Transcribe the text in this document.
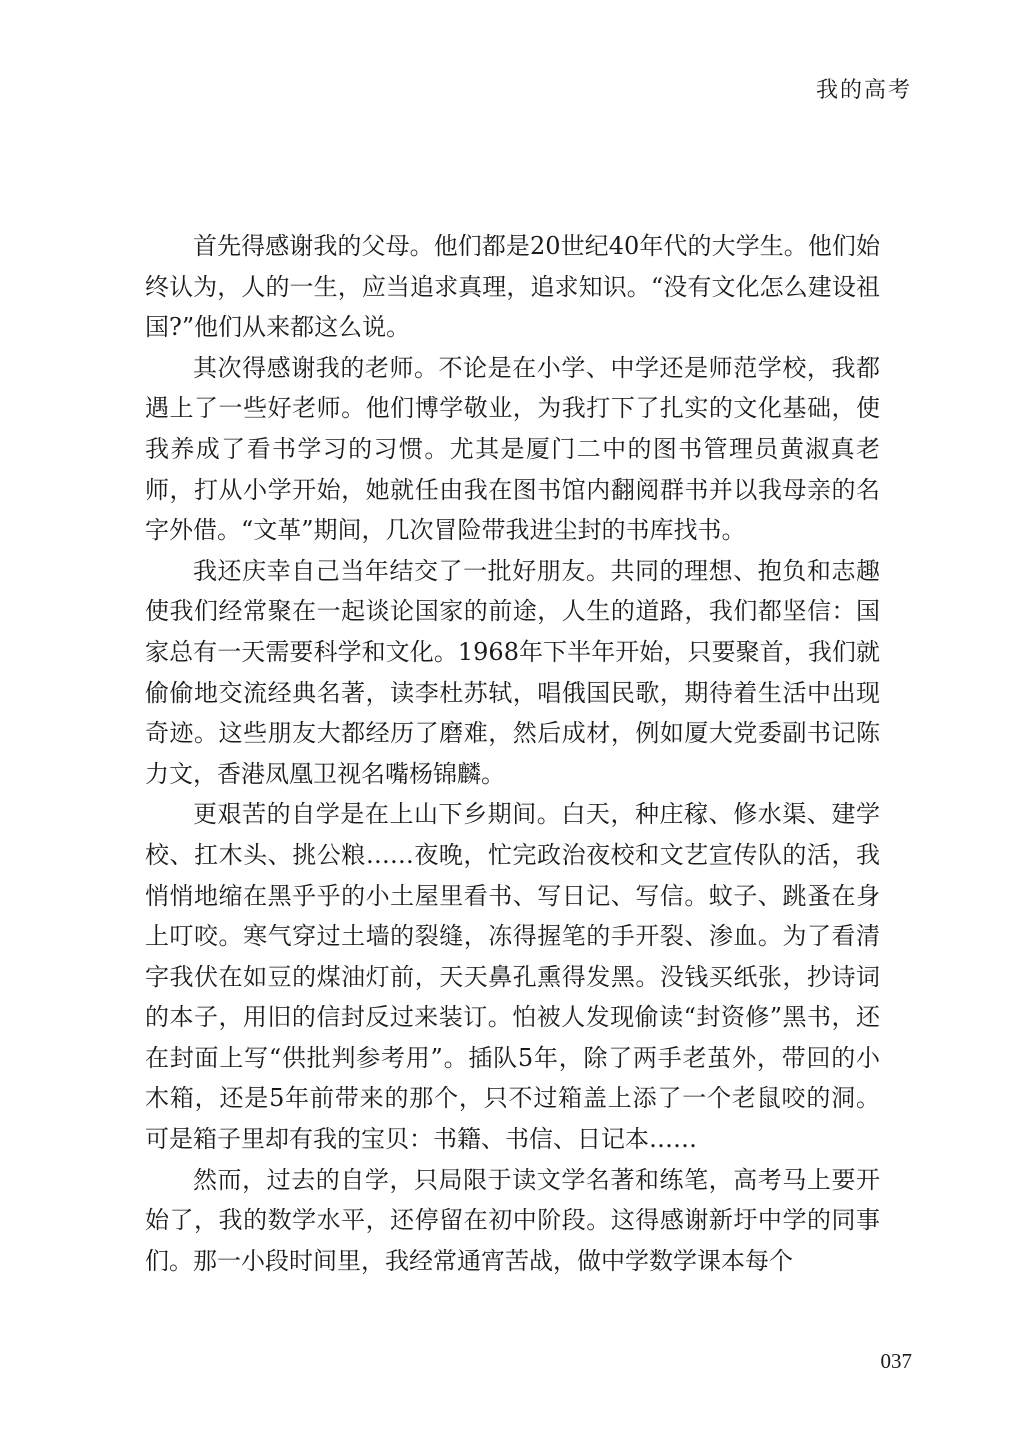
我的高考

首先得感谢我的父母。他们都是20世纪40年代的大学生。他们始终认为，人的一生，应当追求真理，追求知识。“没有文化怎么建设祖国?”他们从来都这么说。

其次得感谢我的老师。不论是在小学、中学还是师范学校，我都遇上了一些好老师。他们博学敬业，为我打下了扎实的文化基础，使我养成了看书学习的习惯。尤其是厦门二中的图书管理员黄淑真老师，打从小学开始，她就任由我在图书馆内翻阅群书并以我母亲的名字外借。“文革”期间，几次冒险带我进尘封的书库找书。

我还庆幸自己当年结交了一批好朋友。共同的理想、抱负和志趣使我们经常聚在一起谈论国家的前途，人生的道路，我们都坚信：国家总有一天需要科学和文化。1968年下半年开始，只要聚首，我们就偷偷地交流经典名著，读李杜苏轼，唱俄国民歌，期待着生活中出现奇迹。这些朋友大都经历了磨难，然后成材，例如厦大党委副书记陈力文，香港凤凰卫视名嘴杨锦麟。

更艰苦的自学是在上山下乡期间。白天，种庄稼、修水渠、建学校、扛木头、挑公粮……夜晚，忙完政治夜校和文艺宣传队的活，我悄悄地缩在黑乎乎的小土屋里看书、写日记、写信。蚊子、跳蚤在身上叮咬。寒气穿过土墙的裂缝，冻得握笔的手开裂、渗血。为了看清字我伏在如豆的煤油灯前，天天鼻孔熏得发黑。没钱买纸张，抄诗词的本子，用旧的信封反过来装订。怕被人发现偷读“封资修”黑书，还在封面上写“供批判参考用”。插队5年，除了两手老茧外，带回的小木箱，还是5年前带来的那个，只不过箱盖上添了一个老鼠咬的洞。可是箱子里却有我的宝贝：书籍、书信、日记本……

然而，过去的自学，只局限于读文学名著和练笔，高考马上要开始了，我的数学水平，还停留在初中阶段。这得感谢新圩中学的同事们。那一小段时间里，我经常通宵苦战，做中学数学课本每个

037
